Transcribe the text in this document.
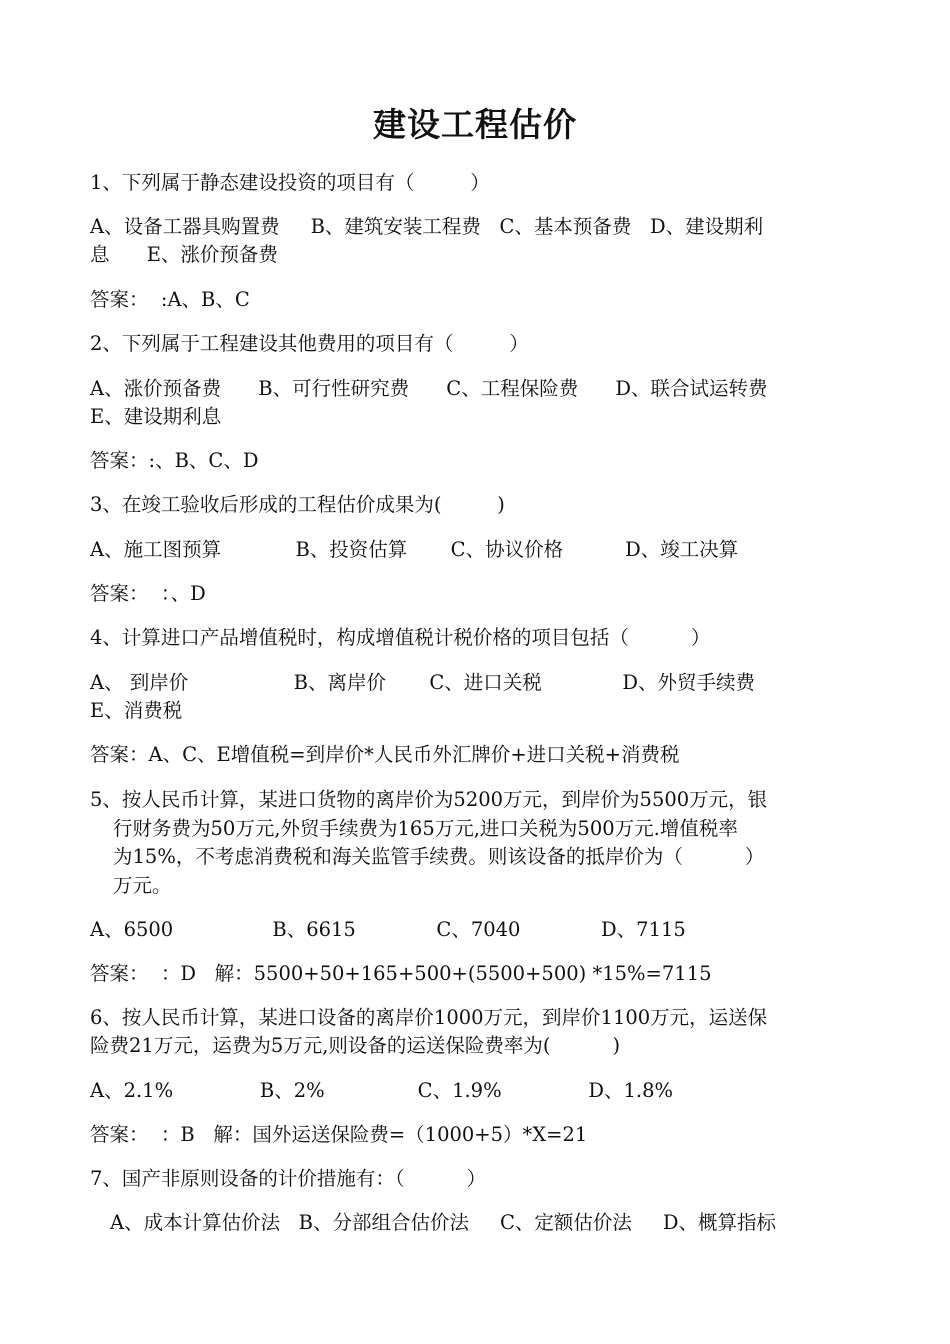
建设工程估价
1、下列属于静态建设投资的项目有（         ）
A、设备工器具购置费     B、建筑安装工程费   C、基本预备费   D、建设期利
息      E、涨价预备费
答案：  :A、B、C
2、下列属于工程建设其他费用的项目有（         ）
A、涨价预备费      B、可行性研究费      C、工程保险费      D、联合试运转费
E、建设期利息
答案：:、B、C、D
3、在竣工验收后形成的工程估价成果为(         )
A、施工图预算            B、投资估算       C、协议价格          D、竣工决算
答案：  ：、D
4、计算进口产品增值税时，构成增值税计税价格的项目包括（          ）
A、 到岸价                 B、离岸价       C、进口关税             D、外贸手续费
E、消费税
答案：A、C、E增值税=到岸价*人民币外汇牌价+进口关税+消费税
5、按人民币计算，某进口货物的离岸价为5200万元，到岸价为5500万元，银
行财务费为50万元,外贸手续费为165万元,进口关税为500万元.增值税率
为15%，不考虑消费税和海关监管手续费。则该设备的抵岸价为（          ）
万元。
A、6500                B、6615             C、7040             D、7115
答案：  ：D   解：5500+50+165+500+(5500+500) *15%=7115
6、按人民币计算，某进口设备的离岸价1000万元，到岸价1100万元，运送保
险费21万元，运费为5万元,则设备的运送保险费率为(          )
A、2.1%              B、2%               C、1.9%              D、1.8%
答案：  ：B   解：国外运送保险费=（1000+5）*X=21
7、国产非原则设备的计价措施有：（          ）
A、成本计算估价法   B、分部组合估价法     C、定额估价法     D、概算指标
